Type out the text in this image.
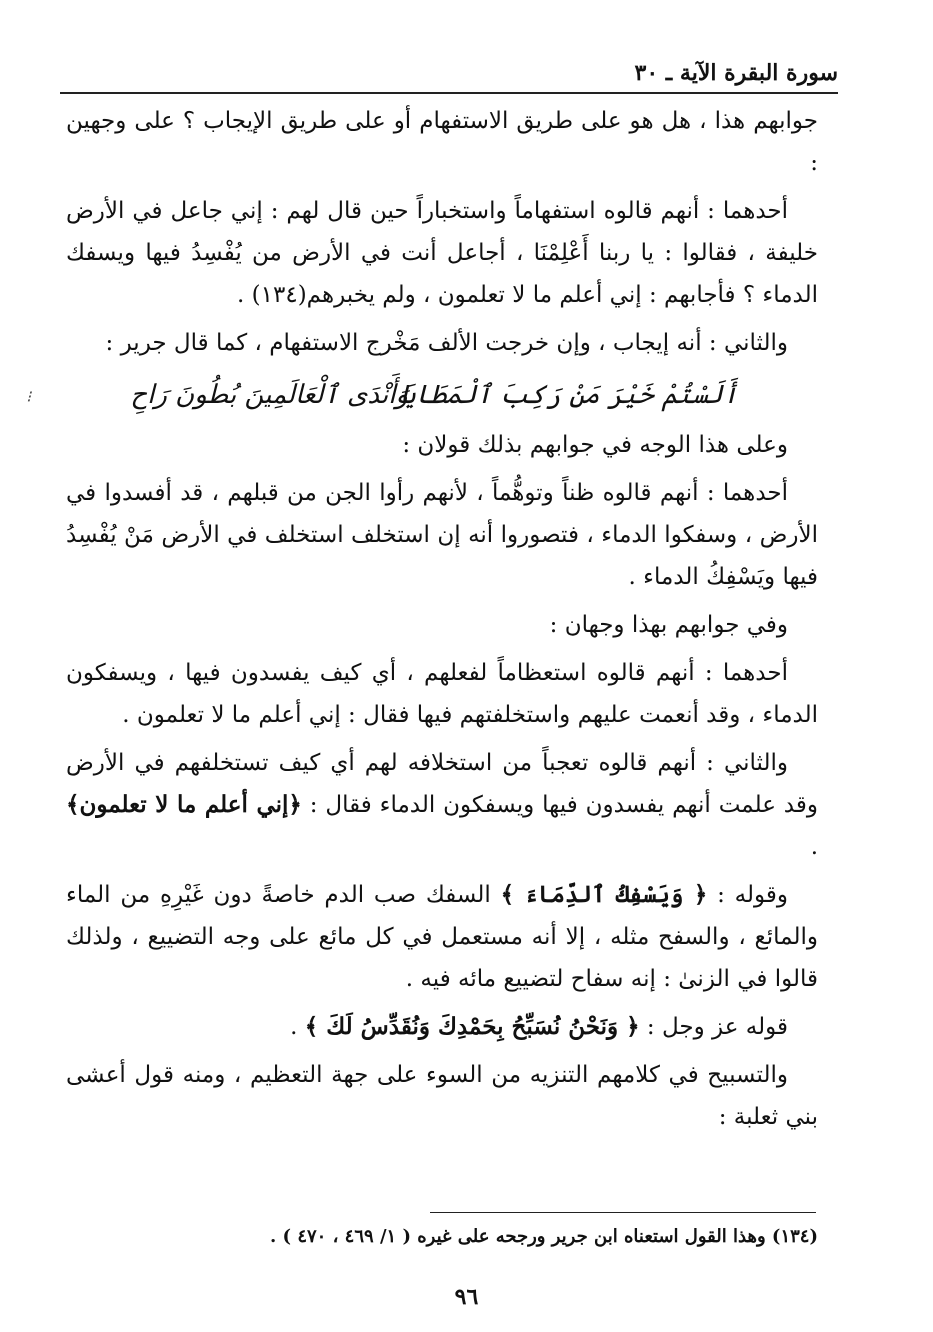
سورة البقرة الآية ـ ٣٠

جوابهم هذا ، هل هو على طريق الاستفهام أو على طريق الإيجاب ؟ على وجهين :

أحدهما : أنهم قالوه استفهاماً واستخباراً حين قال لهم : إني جاعل في الأرض خليفة ، فقالوا : يا ربنا أَعْلِمْنَا ، أجاعل أنت في الأرض من يُفْسِدُ فيها ويسفك الدماء ؟ فأجابهم : إني أعلم ما لا تعلمون ، ولم يخبرهم(١٣٤) .

والثاني : أنه إيجاب ، وإن خرجت الألف مَخْرج الاستفهام ، كما قال جرير :

أَلَسْتُمْ خَيْرَ مَنْ رَكِبَ ٱلْمَطَايَا
وَأَنْدَى ٱلْعَالَمِينَ بُطُونَ رَاحِ
⁝

وعلى هذا الوجه في جوابهم بذلك قولان :

أحدهما : أنهم قالوه ظناً وتوهُّماً ، لأنهم رأوا الجن من قبلهم ، قد أفسدوا في الأرض ، وسفكوا الدماء ، فتصوروا أنه إن استخلف استخلف في الأرض مَنْ يُفْسِدُ فيها ويَسْفِكُ الدماء .

وفي جوابهم بهذا وجهان :

أحدهما : أنهم قالوه استعظاماً لفعلهم ، أي كيف يفسدون فيها ، ويسفكون الدماء ، وقد أنعمت عليهم واستخلفتهم فيها فقال : إني أعلم ما لا تعلمون .

والثاني : أنهم قالوه تعجباً من استخلافه لهم أي كيف تستخلفهم في الأرض وقد علمت أنهم يفسدون فيها ويسفكون الدماء فقال : ﴿إني أعلم ما لا تعلمون﴾ .

وقوله : ﴿ وَيَسْفِكُ ٱلدِّمَاءَ ﴾ السفك صب الدم خاصةً دون غَيْرِهِ من الماء والمائع ، والسفح مثله ، إلا أنه مستعمل في كل مائع على وجه التضييع ، ولذلك قالوا في الزنىٰ : إنه سفاح لتضييع مائه فيه .

قوله عز وجل : ﴿ وَنَحْنُ نُسَبِّحُ بِحَمْدِكَ وَنُقَدِّسُ لَكَ ﴾ .

والتسبيح في كلامهم التنزيه من السوء على جهة التعظيم ، ومنه قول أعشى بني ثعلبة :

(١٣٤) وهذا القول استعناه ابن جرير ورجحه على غيره ( ١/ ٤٦٩ ، ٤٧٠ ) .
٩٦
